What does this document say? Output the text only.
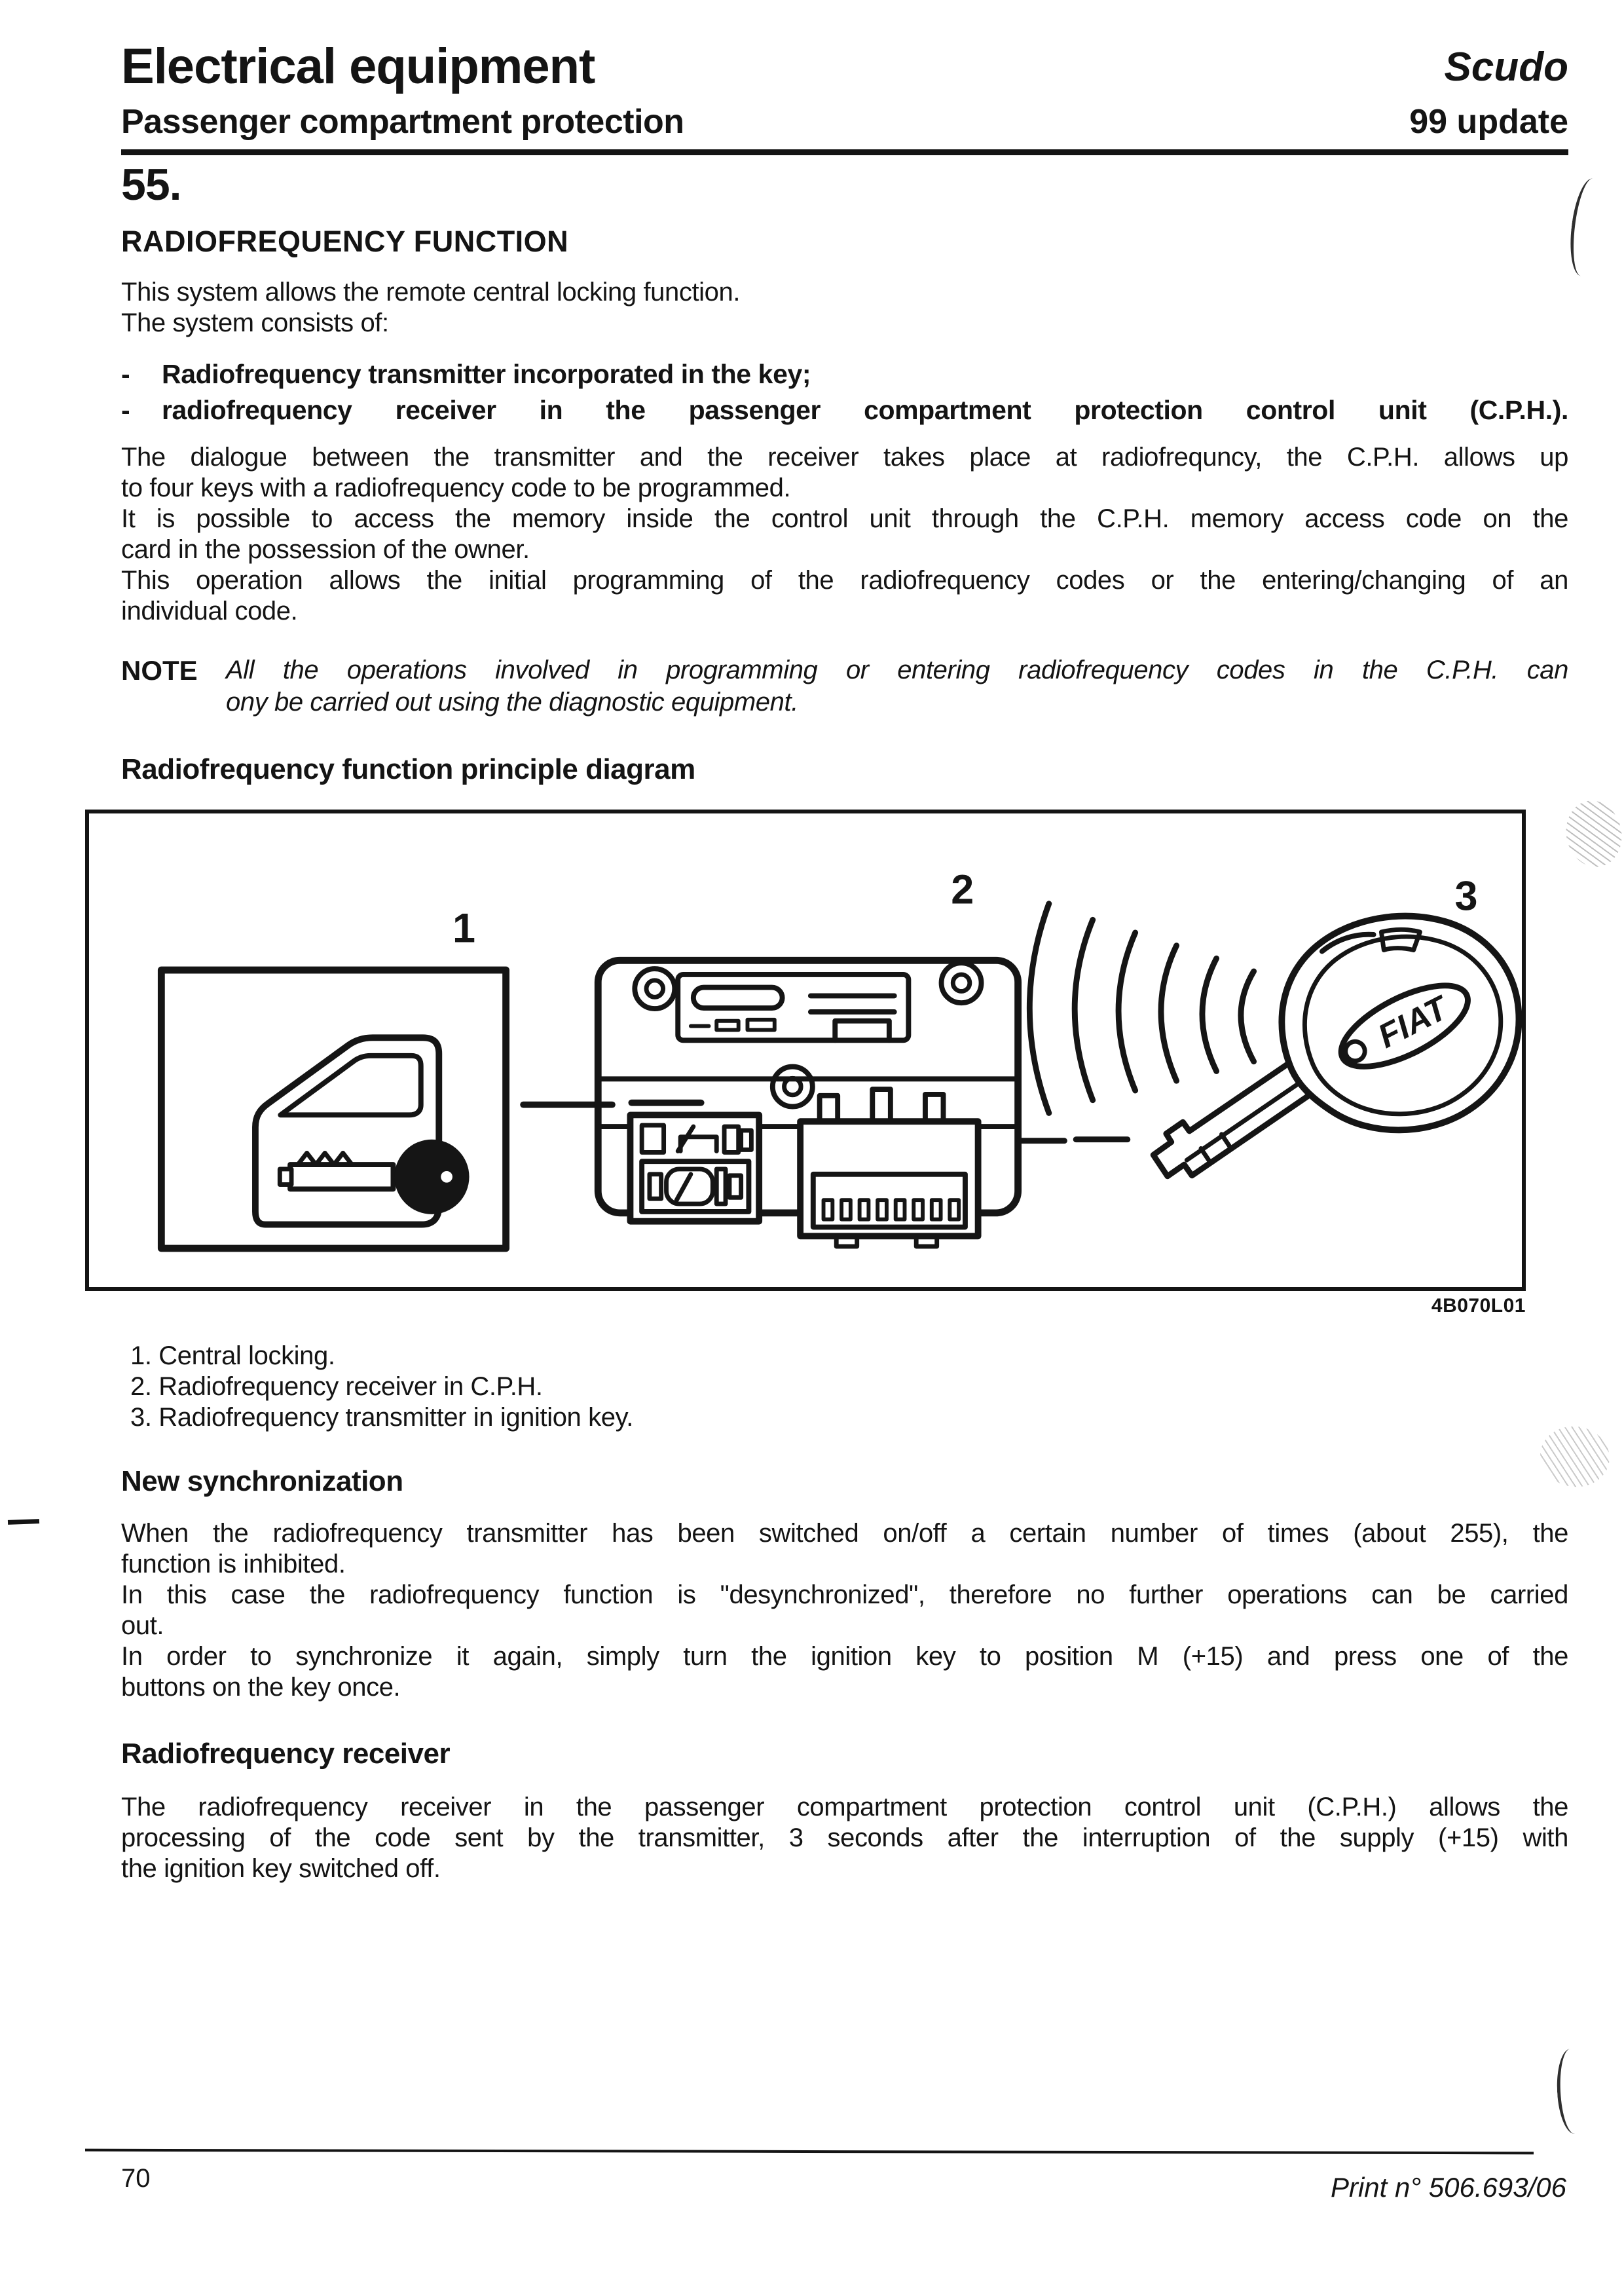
Electrical equipment
Passenger compartment protection
Scudo
99 update
55.
RADIOFREQUENCY FUNCTION
This system allows the remote central locking function.
The system consists of:
-	Radiofrequency transmitter incorporated in the key;
-	radiofrequency receiver in the passenger compartment protection control unit (C.P.H.).
The dialogue between the transmitter and the receiver takes place at radiofrequncy, the C.P.H. allows up
to four keys with a radiofrequency code to be programmed.
It is possible to access the memory inside the control unit through the C.P.H. memory access code on the
card in the possession of the owner.
This operation allows the initial programming of the radiofrequency codes or the entering/changing of an
individual code.
NOTE	All the operations involved in programming or entering radiofrequency codes in the C.P.H. can
ony be carried out using the diagnostic equipment.
Radiofrequency function principle diagram
1
2	3
FIAT
4B070L01
1. Central locking.
2. Radiofrequency receiver in C.P.H.
3. Radiofrequency transmitter in ignition key.
New synchronization
When the radiofrequency transmitter has been switched on/off a certain number of times (about 255), the
function is inhibited.
In this case the radiofrequency function is "desynchronized", therefore no further operations can be carried
out.
In order to synchronize it again, simply turn the ignition key to position M (+15) and press one of the
buttons on the key once.
Radiofrequency receiver
The radiofrequency receiver in the passenger compartment protection control unit (C.P.H.) allows the
processing of the code sent by the transmitter, 3 seconds after the interruption of the supply (+15) with
the ignition key switched off.
70	Print n° 506.693/06
